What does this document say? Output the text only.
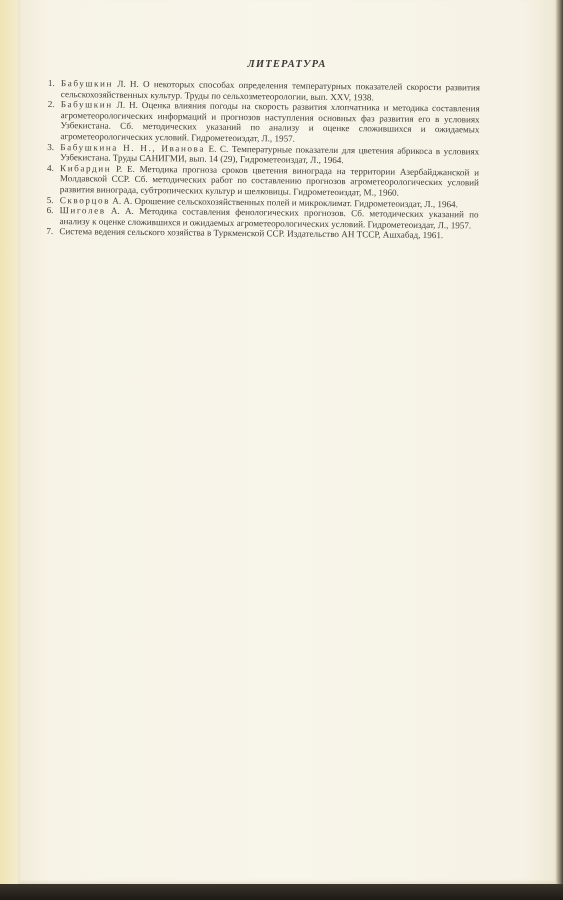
ЛИТЕРАТУРА
1. Бабушкин Л. Н. О некоторых способах определения температурных показателей скорости развития сельскохозяйственных культур. Труды по сельхозметеорологии, вып. XXV, 1938.
2. Бабушкин Л. Н. Оценка влияния погоды на скорость развития хлопчатника и методика составления агрометеорологических информаций и прогнозов наступления основных фаз развития его в условиях Узбекистана. Сб. методических указаний по анализу и оценке сложившихся и ожидаемых агрометеорологических условий. Гидрометеоиздат, Л., 1957.
3. Бабушкина Н. Н., Иванова Е. С. Температурные показатели для цветения абрикоса в условиях Узбекистана. Труды САНИГМИ, вып. 14 (29), Гидрометеоиздат, Л., 1964.
4. Кибардин Р. Е. Методика прогноза сроков цветения винограда на территории Азербайджанской и Молдавской ССР. Сб. методических работ по составлению прогнозов агрометеорологических условий развития винограда, субтропических культур и шелковицы. Гидрометеоиздат, М., 1960.
5. Скворцов А. А. Орошение сельскохозяйственных полей и микроклимат. Гидрометеоиздат, Л., 1964.
6. Шиголев А. А. Методика составления фенологических прогнозов. Сб. методических указаний по анализу к оценке сложившихся и ожидаемых агрометеорологических условий. Гидрометеоиздат, Л., 1957.
7. Система ведения сельского хозяйства в Туркменской ССР. Издательство АН ТССР, Ашхабад, 1961.
